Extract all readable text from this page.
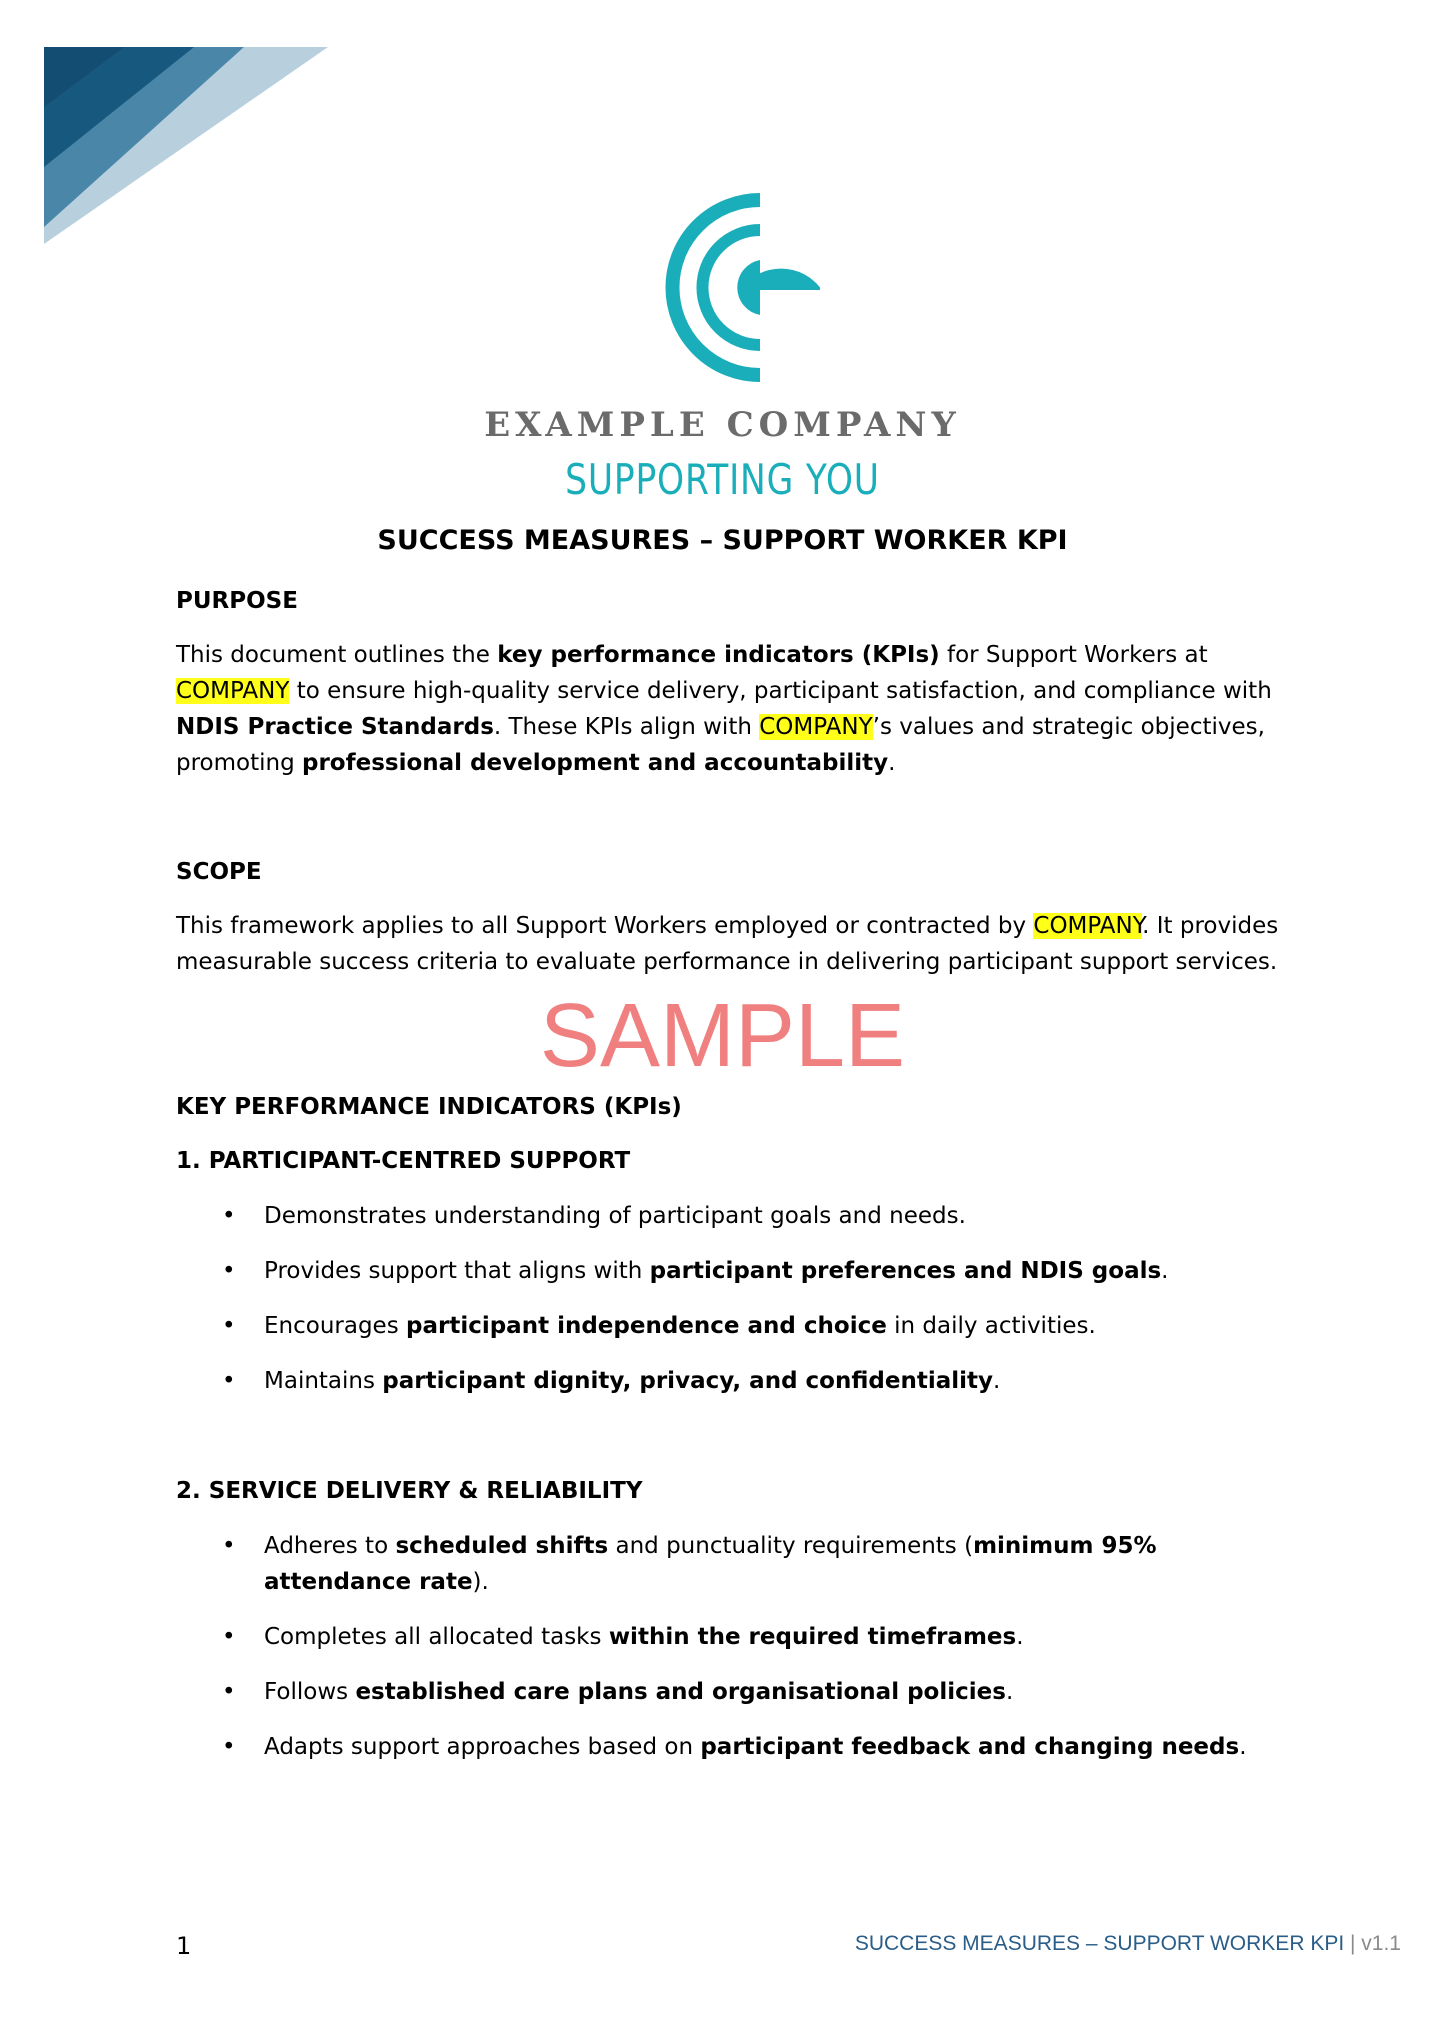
EXAMPLE COMPANY
SUPPORTING YOU
SUCCESS MEASURES – SUPPORT WORKER KPI
PURPOSE

This document outlines the key performance indicators (KPIs) for Support Workers at COMPANY to ensure high-quality service delivery, participant satisfaction, and compliance with NDIS Practice Standards. These KPIs align with COMPANY’s values and strategic objectives, promoting professional development and accountability.

SCOPE

This framework applies to all Support Workers employed or contracted by COMPANY. It provides measurable success criteria to evaluate performance in delivering participant support services.

SAMPLE
KEY PERFORMANCE INDICATORS (KPIs)
1. PARTICIPANT-CENTRED SUPPORT
• Demonstrates understanding of participant goals and needs.
• Provides support that aligns with participant preferences and NDIS goals.
• Encourages participant independence and choice in daily activities.
• Maintains participant dignity, privacy, and confidentiality.
2. SERVICE DELIVERY & RELIABILITY
• Adheres to scheduled shifts and punctuality requirements (minimum 95% attendance rate).
• Completes all allocated tasks within the required timeframes.
• Follows established care plans and organisational policies.
• Adapts support approaches based on participant feedback and changing needs.
1	SUCCESS MEASURES – SUPPORT WORKER KPI | v1.1
